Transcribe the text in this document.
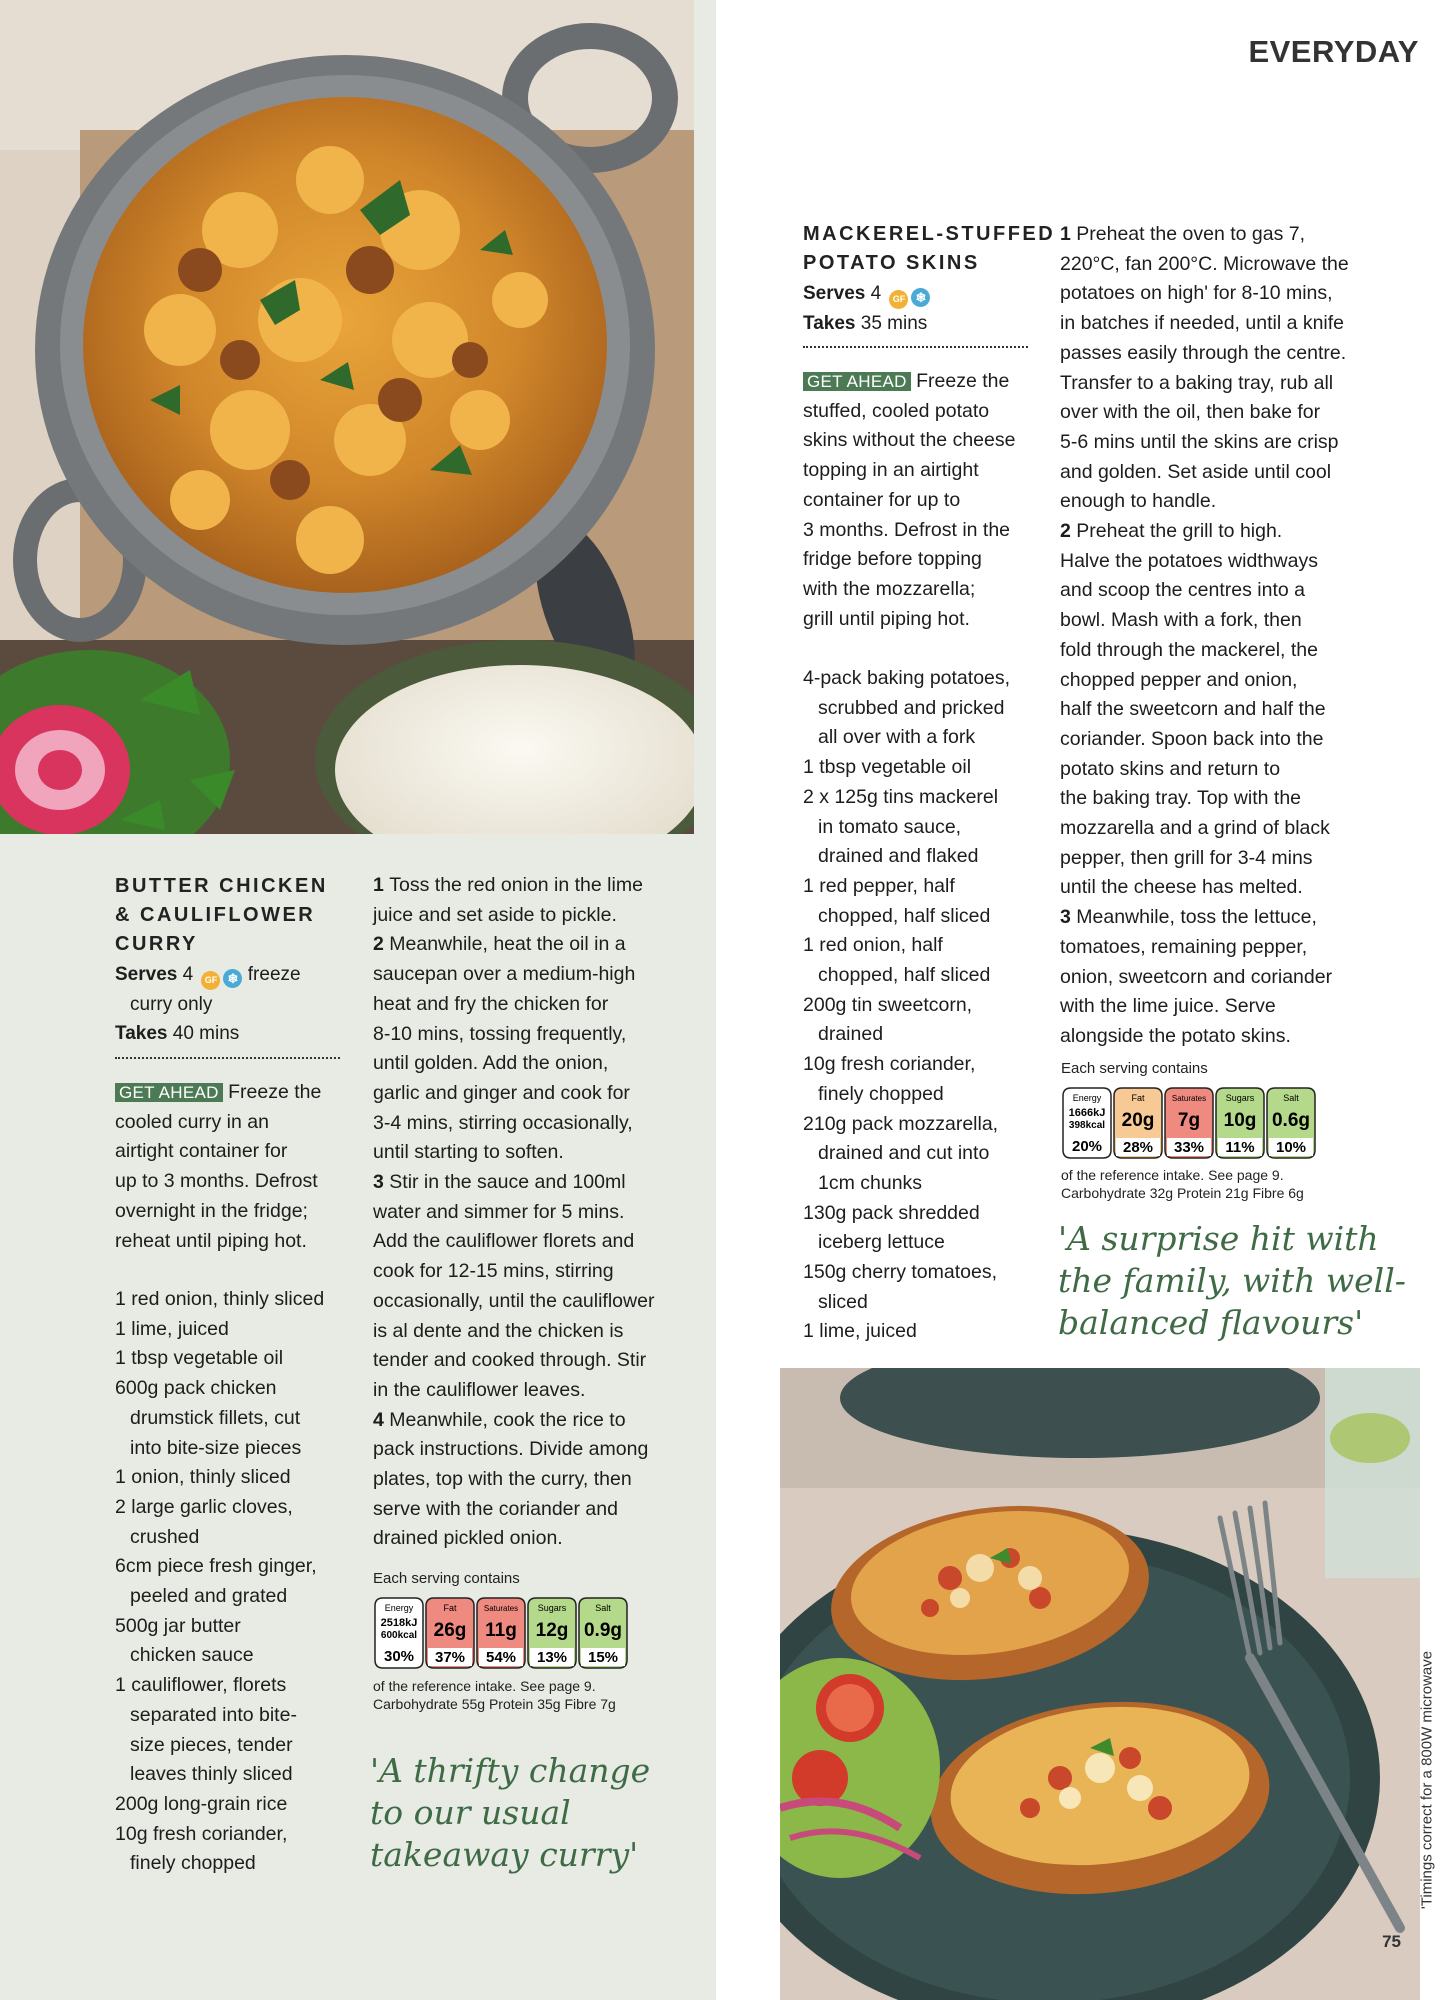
EVERYDAY
75
'Timings correct for a 800W microwave
BUTTER CHICKEN
& CAULIFLOWER
CURRY
Serves 4 GF ❄ freeze
curry only
Takes 40 mins
GET AHEAD Freeze the
cooled curry in an
airtight container for
up to 3 months. Defrost
overnight in the fridge;
reheat until piping hot.

1 red onion, thinly sliced

1 lime, juiced

1 tbsp vegetable oil

600g pack chicken
drumstick fillets, cut
into bite-size pieces

1 onion, thinly sliced

2 large garlic cloves,
crushed

6cm piece fresh ginger,
peeled and grated

500g jar butter
chicken sauce

1 cauliflower, florets
separated into bite-
size pieces, tender
leaves thinly sliced

200g long-grain rice

10g fresh coriander,
finely chopped

1 Toss the red onion in the lime

juice and set aside to pickle.

2 Meanwhile, heat the oil in a

saucepan over a medium-high

heat and fry the chicken for

8-10 mins, tossing frequently,

until golden. Add the onion,

garlic and ginger and cook for

3-4 mins, stirring occasionally,

until starting to soften.

3 Stir in the sauce and 100ml

water and simmer for 5 mins.

Add the cauliflower florets and

cook for 12-15 mins, stirring

occasionally, until the cauliflower

is al dente and the chicken is

tender and cooked through. Stir

in the cauliflower leaves.

4 Meanwhile, cook the rice to

pack instructions. Divide among

plates, top with the curry, then

serve with the coriander and

drained pickled onion.

Each serving contains
Energy
2518kJ
600kcal
30%
Fat
26g
37%
Saturates
11g
54%
Sugars
12g
13%
Salt
0.9g
15%
of the reference intake. See page 9.
Carbohydrate 55g Protein 35g Fibre 7g
'A thrifty change
to our usual
takeaway curry'
MACKEREL-STUFFED
POTATO SKINS
Serves 4 GF ❄
Takes 35 mins
GET AHEAD Freeze the
stuffed, cooled potato
skins without the cheese
topping in an airtight
container for up to
3 months. Defrost in the
fridge before topping
with the mozzarella;
grill until piping hot.

4-pack baking potatoes,
scrubbed and pricked
all over with a fork

1 tbsp vegetable oil

2 x 125g tins mackerel
in tomato sauce,
drained and flaked

1 red pepper, half
chopped, half sliced

1 red onion, half
chopped, half sliced

200g tin sweetcorn,
drained

10g fresh coriander,
finely chopped

210g pack mozzarella,
drained and cut into
1cm chunks

130g pack shredded
iceberg lettuce

150g cherry tomatoes,
sliced

1 lime, juiced

1 Preheat the oven to gas 7,

220°C, fan 200°C. Microwave the

potatoes on high' for 8-10 mins,

in batches if needed, until a knife

passes easily through the centre.

Transfer to a baking tray, rub all

over with the oil, then bake for

5-6 mins until the skins are crisp

and golden. Set aside until cool

enough to handle.

2 Preheat the grill to high.

Halve the potatoes widthways

and scoop the centres into a

bowl. Mash with a fork, then

fold through the mackerel, the

chopped pepper and onion,

half the sweetcorn and half the

coriander. Spoon back into the

potato skins and return to

the baking tray. Top with the

mozzarella and a grind of black

pepper, then grill for 3-4 mins

until the cheese has melted.

3 Meanwhile, toss the lettuce,

tomatoes, remaining pepper,

onion, sweetcorn and coriander

with the lime juice. Serve

alongside the potato skins.

Each serving contains
Energy
1666kJ
398kcal
20%
Fat
20g
28%
Saturates
7g
33%
Sugars
10g
11%
Salt
0.6g
10%
of the reference intake. See page 9.
Carbohydrate 32g Protein 21g Fibre 6g
'A surprise hit with
the family, with well-
balanced flavours'
